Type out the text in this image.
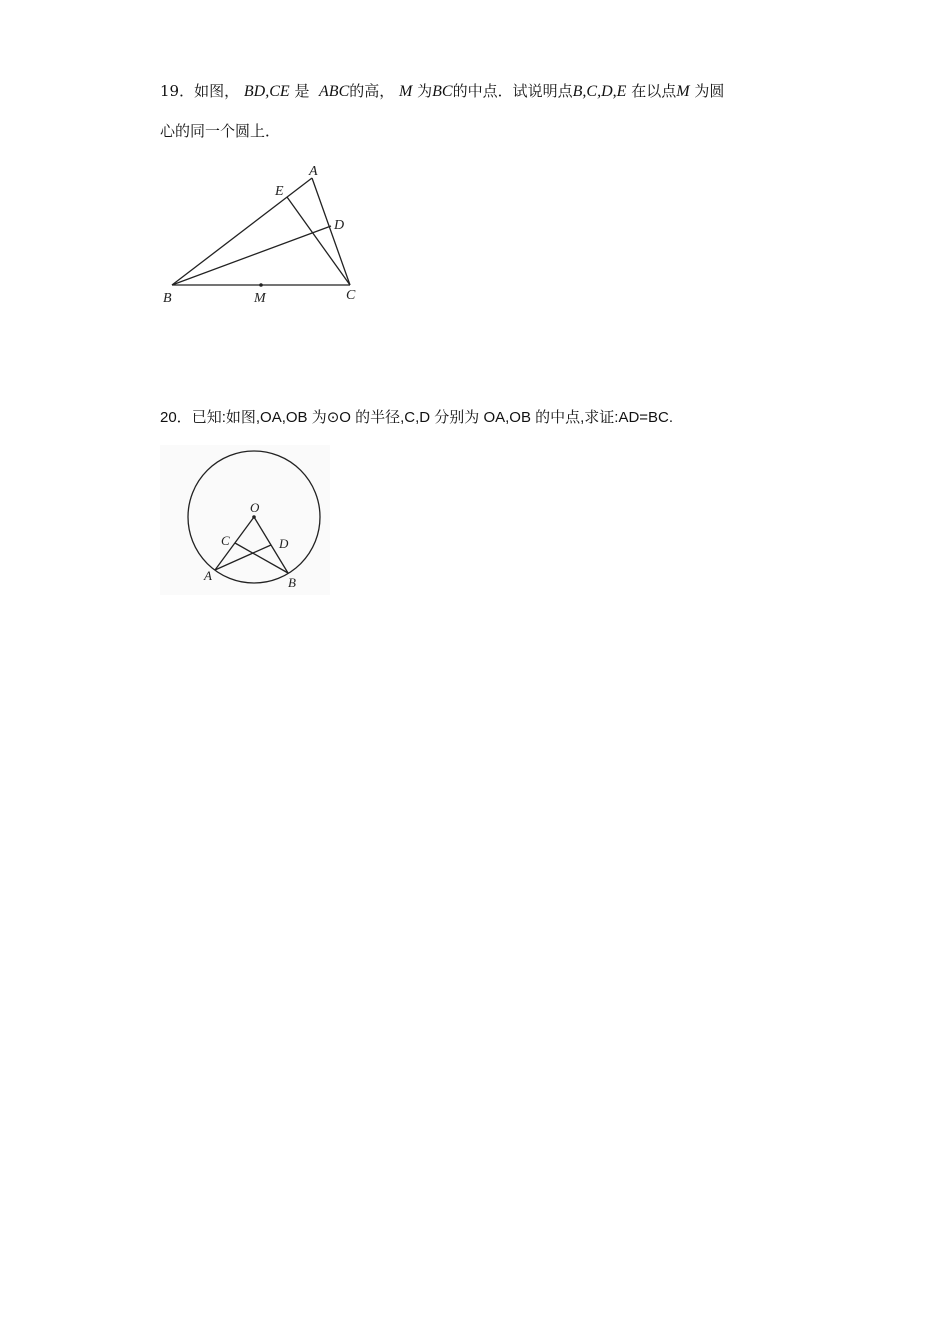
19．如图， BD,CE 是 ABC的高， M 为BC的中点．试说明点B,C,D,E 在以点M 为圆
心的同一个圆上．
A
E
D
B	M	C
20．已知:如图,OA,OB 为⊙O 的半径,C,D 分别为 OA,OB 的中点,求证:AD=BC.
O
C	D
A	B
